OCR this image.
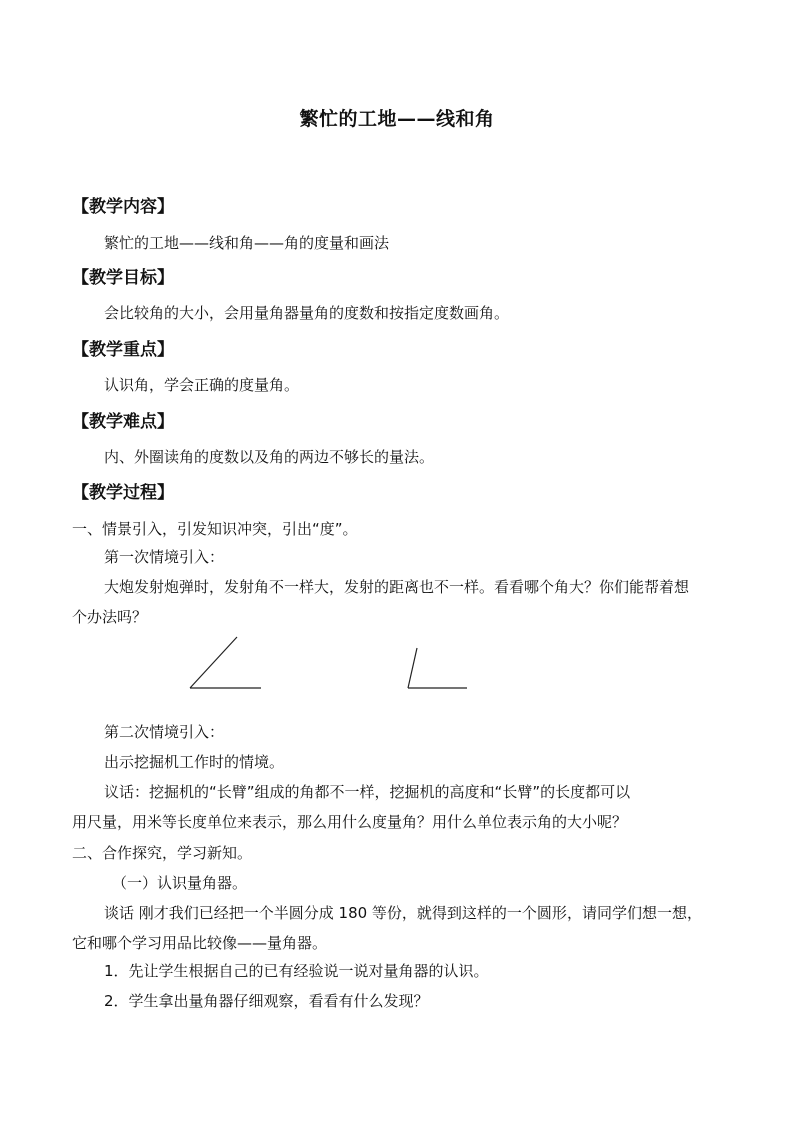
繁忙的工地——线和角
【教学内容】
繁忙的工地——线和角——角的度量和画法
【教学目标】
会比较角的大小，会用量角器量角的度数和按指定度数画角。
【教学重点】
认识角，学会正确的度量角。
【教学难点】
内、外圈读角的度数以及角的两边不够长的量法。
【教学过程】
一、情景引入，引发知识冲突，引出“度”。
第一次情境引入：
大炮发射炮弹时，发射角不一样大，发射的距离也不一样。看看哪个角大？你们能帮着想
个办法吗？
第二次情境引入：
出示挖掘机工作时的情境。
议话：挖掘机的“长臂”组成的角都不一样，挖掘机的高度和“长臂”的长度都可以
用尺量，用米等长度单位来表示，那么用什么度量角？用什么单位表示角的大小呢？
二、合作探究，学习新知。
（一）认识量角器。
谈话 刚才我们已经把一个半圆分成 180 等份，就得到这样的一个圆形，请同学们想一想，
它和哪个学习用品比较像——量角器。
1．先让学生根据自己的已有经验说一说对量角器的认识。
2．学生拿出量角器仔细观察，看看有什么发现？
